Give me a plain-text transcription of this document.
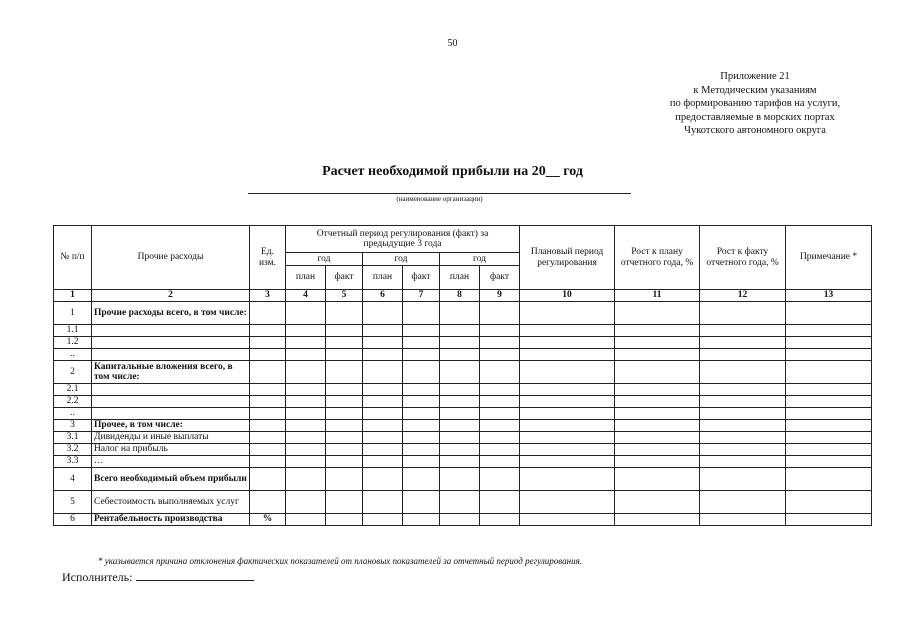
50
Приложение 21
к Методическим указаниям
по формированию тарифов на услуги,
предоставляемые в морских портах
Чукотского автономного округа
Расчет необходимой прибыли на 20__ год
(наименование организации)
№ п/п	Прочие расходы	Ед. изм.	Отчетный период регулирования (факт) за предыдущие 3 года						Плановый период регулирования	Рост к плану отчетного года, %	Рост к факту отчетного года, %	Примечание *
			год		год		год					
			план	факт	план	факт	план	факт				
1	2	3	4	5	6	7	8	9	10	11	12	13
1	Прочие расходы всего, в том числе:											
1.1												
1.2												
..												
2	Капитальные вложения всего, в том числе:											
2.1												
2.2												
..												
3	Прочее, в том числе:											
3.1	Дивиденды и иные выплаты											
3.2	Налог на прибыль											
3.3	…											
4	Всего необходимый объем прибыли											
5	Себестоимость выполняемых услуг											
6	Рентабельность производства	%										
* указывается причина отклонения фактических показателей от плановых показателей за отчетный период регулирования.
Исполнитель:
